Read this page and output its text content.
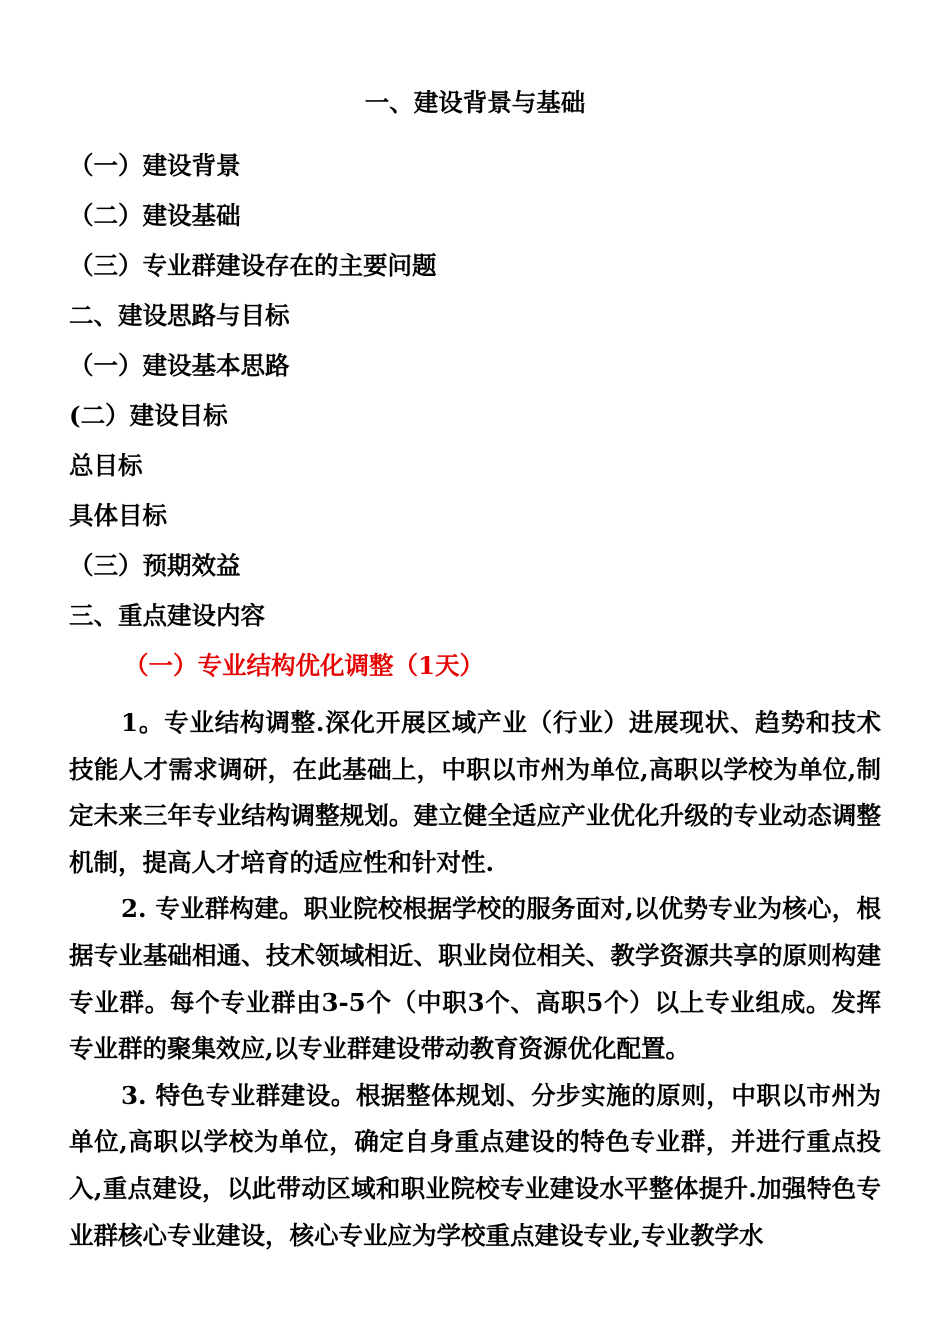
一、建设背景与基础
（一）建设背景
（二）建设基础
（三）专业群建设存在的主要问题
二、建设思路与目标
（一）建设基本思路
(二）建设目标
总目标
具体目标
（三）预期效益
三、重点建设内容
（一）专业结构优化调整（1天）

1。专业结构调整.深化开展区域产业（行业）进展现状、趋势和技术技能人才需求调研，在此基础上，中职以市州为单位,高职以学校为单位,制定未来三年专业结构调整规划。建立健全适应产业优化升级的专业动态调整机制，提高人才培育的适应性和针对性.

2. 专业群构建。职业院校根据学校的服务面对,以优势专业为核心，根据专业基础相通、技术领域相近、职业岗位相关、教学资源共享的原则构建专业群。每个专业群由3-5个（中职3个、高职5个）以上专业组成。发挥专业群的聚集效应,以专业群建设带动教育资源优化配置。

3. 特色专业群建设。根据整体规划、分步实施的原则，中职以市州为单位,高职以学校为单位，确定自身重点建设的特色专业群，并进行重点投入,重点建设，以此带动区域和职业院校专业建设水平整体提升.加强特色专业群核心专业建设，核心专业应为学校重点建设专业,专业教学水
